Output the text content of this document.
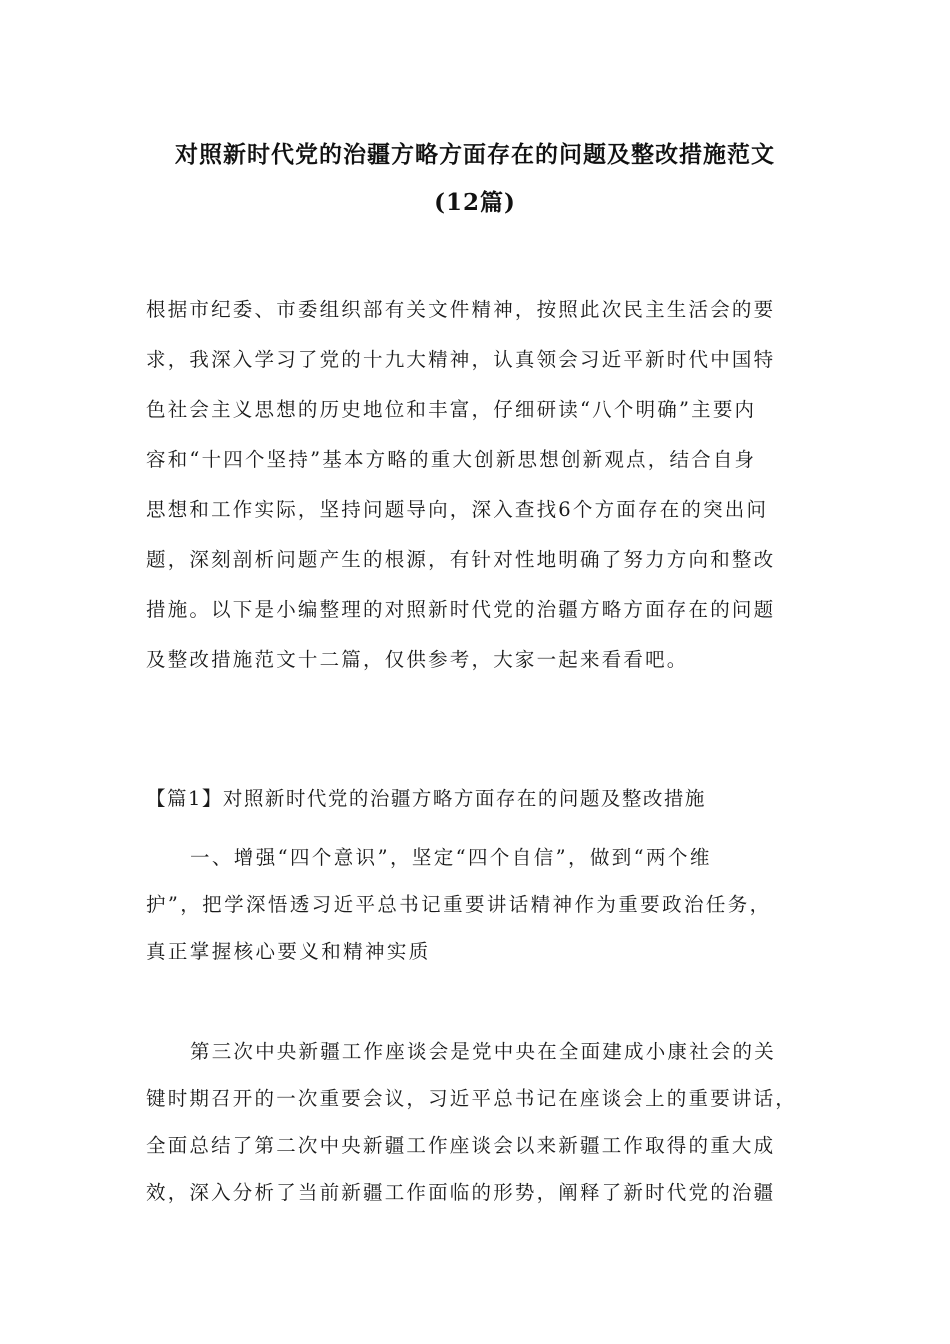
对照新时代党的治疆方略方面存在的问题及整改措施范文
(12篇)
根据市纪委、市委组织部有关文件精神，按照此次民主生活会的要
求，我深入学习了党的十九大精神，认真领会习近平新时代中国特
色社会主义思想的历史地位和丰富，仔细研读“八个明确”主要内
容和“十四个坚持”基本方略的重大创新思想创新观点，结合自身
思想和工作实际，坚持问题导向，深入查找6个方面存在的突出问
题，深刻剖析问题产生的根源，有针对性地明确了努力方向和整改
措施。以下是小编整理的对照新时代党的治疆方略方面存在的问题
及整改措施范文十二篇，仅供参考，大家一起来看看吧。
【篇1】对照新时代党的治疆方略方面存在的问题及整改措施
一、增强“四个意识”，坚定“四个自信”，做到“两个维
护”，把学深悟透习近平总书记重要讲话精神作为重要政治任务，
真正掌握核心要义和精神实质
第三次中央新疆工作座谈会是党中央在全面建成小康社会的关
键时期召开的一次重要会议，习近平总书记在座谈会上的重要讲话，
全面总结了第二次中央新疆工作座谈会以来新疆工作取得的重大成
效，深入分析了当前新疆工作面临的形势，阐释了新时代党的治疆
